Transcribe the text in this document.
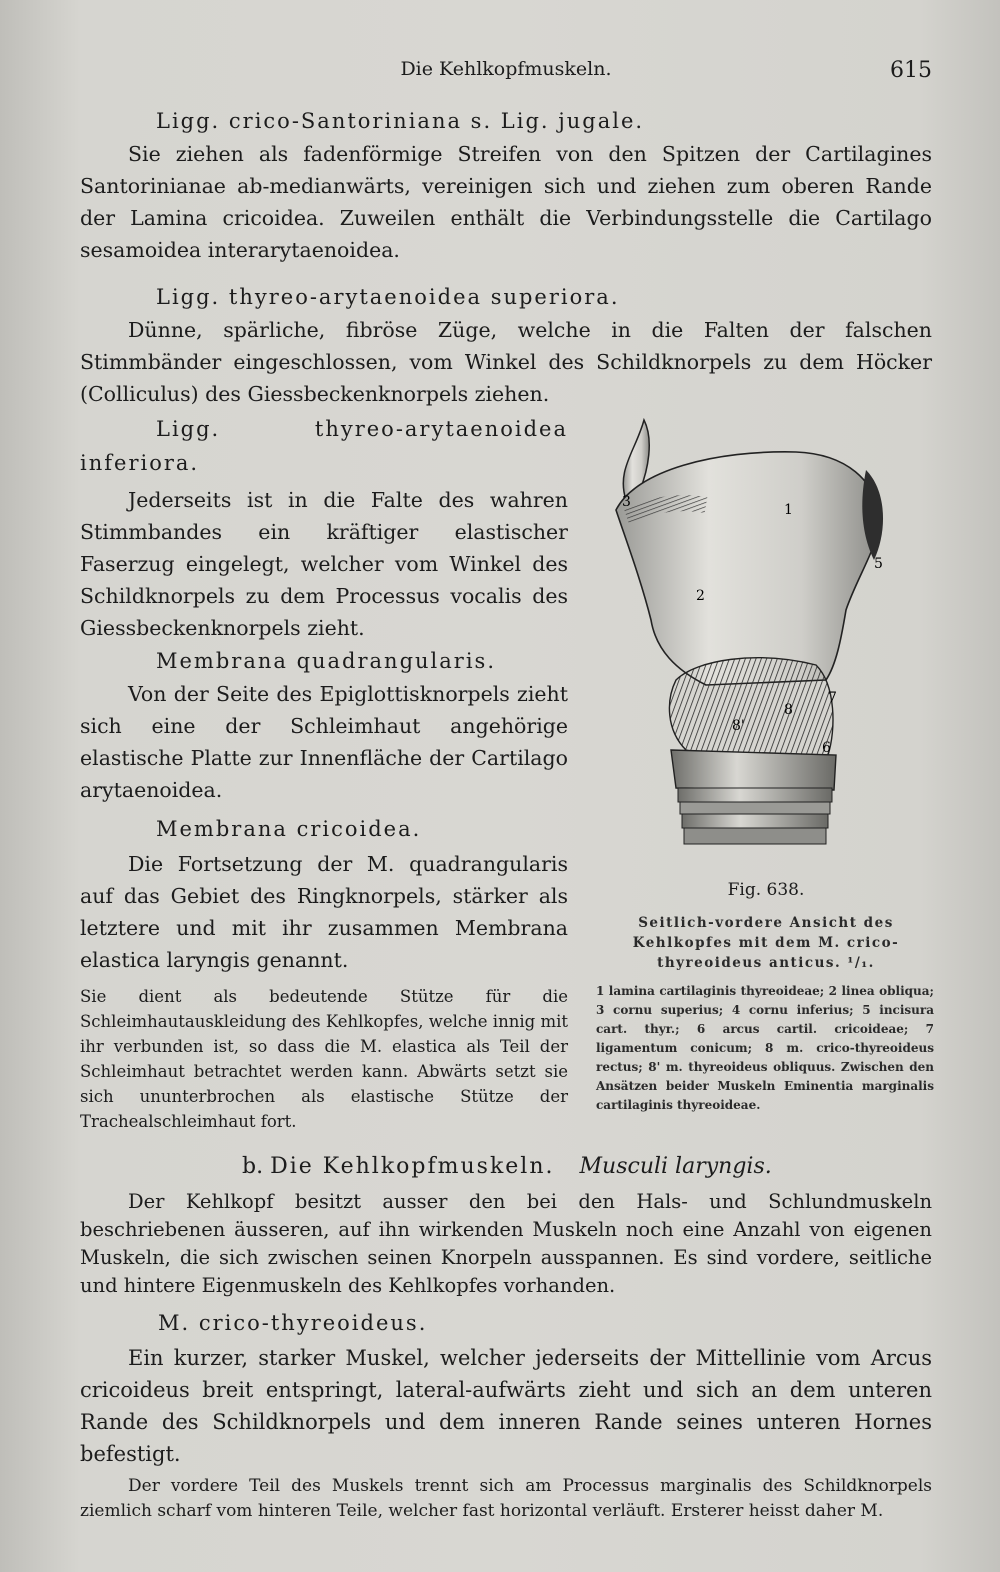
Die Kehlkopfmuskeln.	615

Ligg. crico-Santoriniana s. Lig. jugale.

Sie ziehen als fadenförmige Streifen von den Spitzen der Cartilagines Santorinianae ab-medianwärts, vereinigen sich und ziehen zum oberen Rande der Lamina cricoidea. Zuweilen enthält die Verbindungsstelle die Cartilago sesamoidea interarytaenoidea.

Ligg. thyreo-arytaenoidea superiora.

Dünne, spärliche, fibröse Züge, welche in die Falten der falschen Stimmbänder eingeschlossen, vom Winkel des Schildknorpels zu dem Höcker (Colliculus) des Giessbeckenknorpels ziehen.

Ligg. thyreo-arytaenoidea inferiora.

Jederseits ist in die Falte des wahren Stimmbandes ein kräftiger elastischer Faserzug eingelegt, welcher vom Winkel des Schildknorpels zu dem Processus vocalis des Giessbeckenknorpels zieht.

Membrana quadrangularis.

Von der Seite des Epiglottisknorpels zieht sich eine der Schleimhaut angehörige elastische Platte zur Innenfläche der Cartilago arytaenoidea.

Membrana cricoidea.

Die Fortsetzung der M. quadrangularis auf das Gebiet des Ringknorpels, stärker als letztere und mit ihr zusammen Membrana elastica laryngis genannt.

Sie dient als bedeutende Stütze für die Schleimhautauskleidung des Kehlkopfes, welche innig mit ihr verbunden ist, so dass die M. elastica als Teil der Schleimhaut betrachtet werden kann. Abwärts setzt sie sich ununterbrochen als elastische Stütze der Trachealschleimhaut fort.

3	1
5
2
7
8
8'
6
Fig. 638.
Seitlich-vordere Ansicht des Kehlkopfes mit dem M. crico-thyreoideus anticus. ¹/₁.
1 lamina cartilaginis thyreoideae; 2 linea obliqua; 3 cornu superius; 4 cornu inferius; 5 incisura cart. thyr.; 6 arcus cartil. cricoideae; 7 ligamentum conicum; 8 m. crico-thyreoideus rectus; 8' m. thyreoideus obliquus. Zwischen den Ansätzen beider Muskeln Eminentia marginalis cartilaginis thyreoideae.

b. Die Kehlkopfmuskeln. Musculi laryngis.

Der Kehlkopf besitzt ausser den bei den Hals- und Schlundmuskeln beschriebenen äusseren, auf ihn wirkenden Muskeln noch eine Anzahl von eigenen Muskeln, die sich zwischen seinen Knorpeln ausspannen. Es sind vordere, seitliche und hintere Eigenmuskeln des Kehlkopfes vorhanden.

M. crico-thyreoideus.

Ein kurzer, starker Muskel, welcher jederseits der Mittellinie vom Arcus cricoideus breit entspringt, lateral-aufwärts zieht und sich an dem unteren Rande des Schildknorpels und dem inneren Rande seines unteren Hornes befestigt.

Der vordere Teil des Muskels trennt sich am Processus marginalis des Schildknorpels ziemlich scharf vom hinteren Teile, welcher fast horizontal verläuft. Ersterer heisst daher M.
